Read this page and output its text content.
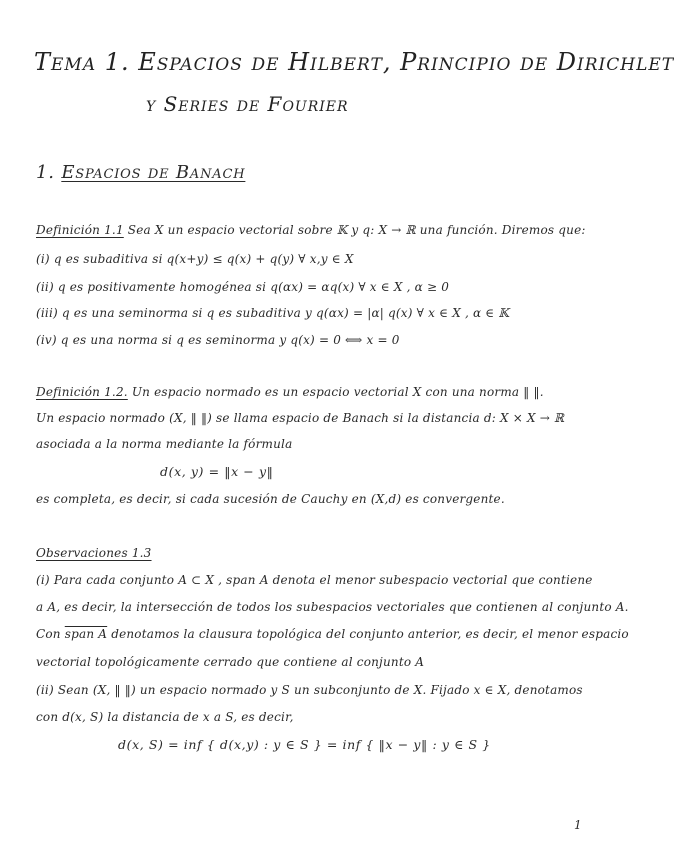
Tema 1. Espacios de Hilbert, Principio de Dirichlet
y Series de Fourier
1. Espacios de Banach
Definición 1.1 Sea X un espacio vectorial sobre 𝕂 y q: X → ℝ una función. Diremos que:
(i) q es subaditiva si q(x+y) ≤ q(x) + q(y) ∀ x,y ∈ X
(ii) q es positivamente homogénea si q(αx) = αq(x) ∀ x ∈ X , α ≥ 0
(iii) q es una seminorma si q es subaditiva y q(αx) = |α| q(x) ∀ x ∈ X , α ∈ 𝕂
(iv) q es una norma si q es seminorma y q(x) = 0 ⟺ x = 0
Definición 1.2. Un espacio normado es un espacio vectorial X con una norma ‖ ‖.
Un espacio normado (X, ‖ ‖) se llama espacio de Banach si la distancia d: X × X → ℝ
asociada a la norma mediante la fórmula
d(x, y) = ‖x − y‖
es completa, es decir, si cada sucesión de Cauchy en (X,d) es convergente.
Observaciones 1.3
(i) Para cada conjunto A ⊂ X , span A denota el menor subespacio vectorial que contiene
a A, es decir, la intersección de todos los subespacios vectoriales que contienen al conjunto A.
Con span A denotamos la clausura topológica del conjunto anterior, es decir, el menor espacio
vectorial topológicamente cerrado que contiene al conjunto A
(ii) Sean (X, ‖ ‖) un espacio normado y S un subconjunto de X. Fijado x ∈ X, denotamos
con d(x, S) la distancia de x a S, es decir,
d(x, S) = inf { d(x,y) : y ∈ S } = inf { ‖x − y‖ : y ∈ S }
1
